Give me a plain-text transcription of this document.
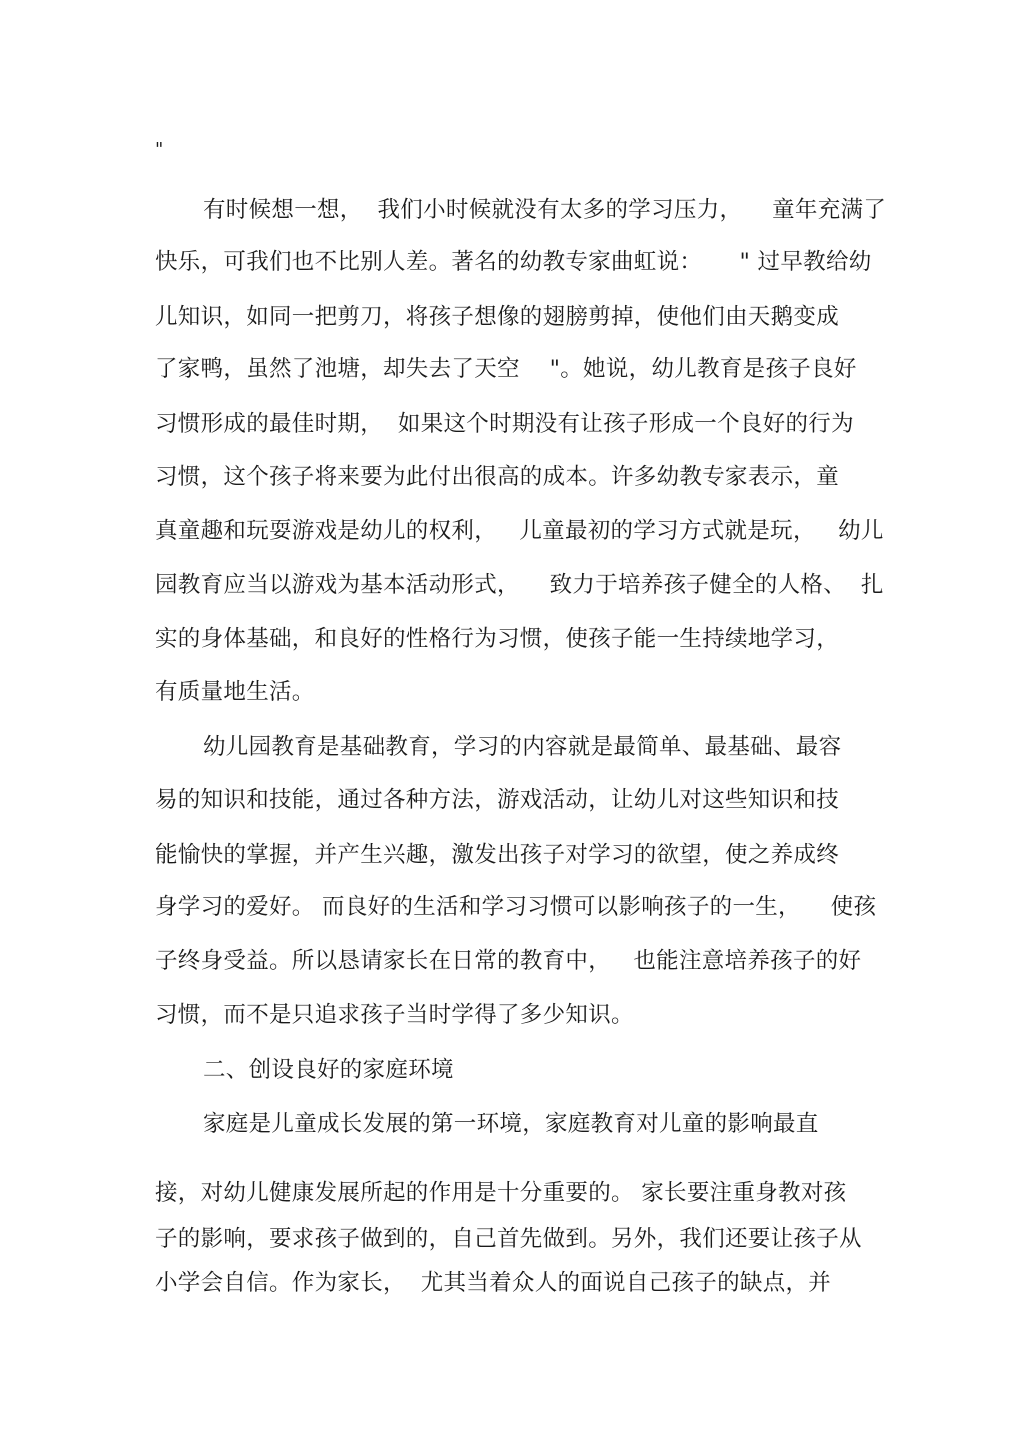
"
有时候想一想，  我们小时候就没有太多的学习压力，    童年充满了
快乐，可我们也不比别人差。著名的幼教专家曲虹说：     " 过早教给幼
儿知识，如同一把剪刀，将孩子想像的翅膀剪掉，使他们由天鹅变成
了家鸭，虽然了池塘，却失去了天空    "。她说，幼儿教育是孩子良好
习惯形成的最佳时期，  如果这个时期没有让孩子形成一个良好的行为
习惯，这个孩子将来要为此付出很高的成本。许多幼教专家表示，童
真童趣和玩耍游戏是幼儿的权利，   儿童最初的学习方式就是玩，   幼儿
园教育应当以游戏为基本活动形式，    致力于培养孩子健全的人格、  扎
实的身体基础，和良好的性格行为习惯，使孩子能一生持续地学习，
有质量地生活。
幼儿园教育是基础教育，学习的内容就是最简单、最基础、最容
易的知识和技能，通过各种方法，游戏活动，让幼儿对这些知识和技
能愉快的掌握，并产生兴趣，激发出孩子对学习的欲望，使之养成终
身学习的爱好。 而良好的生活和学习习惯可以影响孩子的一生，    使孩
子终身受益。所以恳请家长在日常的教育中，   也能注意培养孩子的好
习惯，而不是只追求孩子当时学得了多少知识。
二、创设良好的家庭环境
家庭是儿童成长发展的第一环境，家庭教育对儿童的影响最直
接，对幼儿健康发展所起的作用是十分重要的。 家长要注重身教对孩
子的影响，要求孩子做到的，自己首先做到。另外，我们还要让孩子从
小学会自信。作为家长，  尤其当着众人的面说自己孩子的缺点，并
